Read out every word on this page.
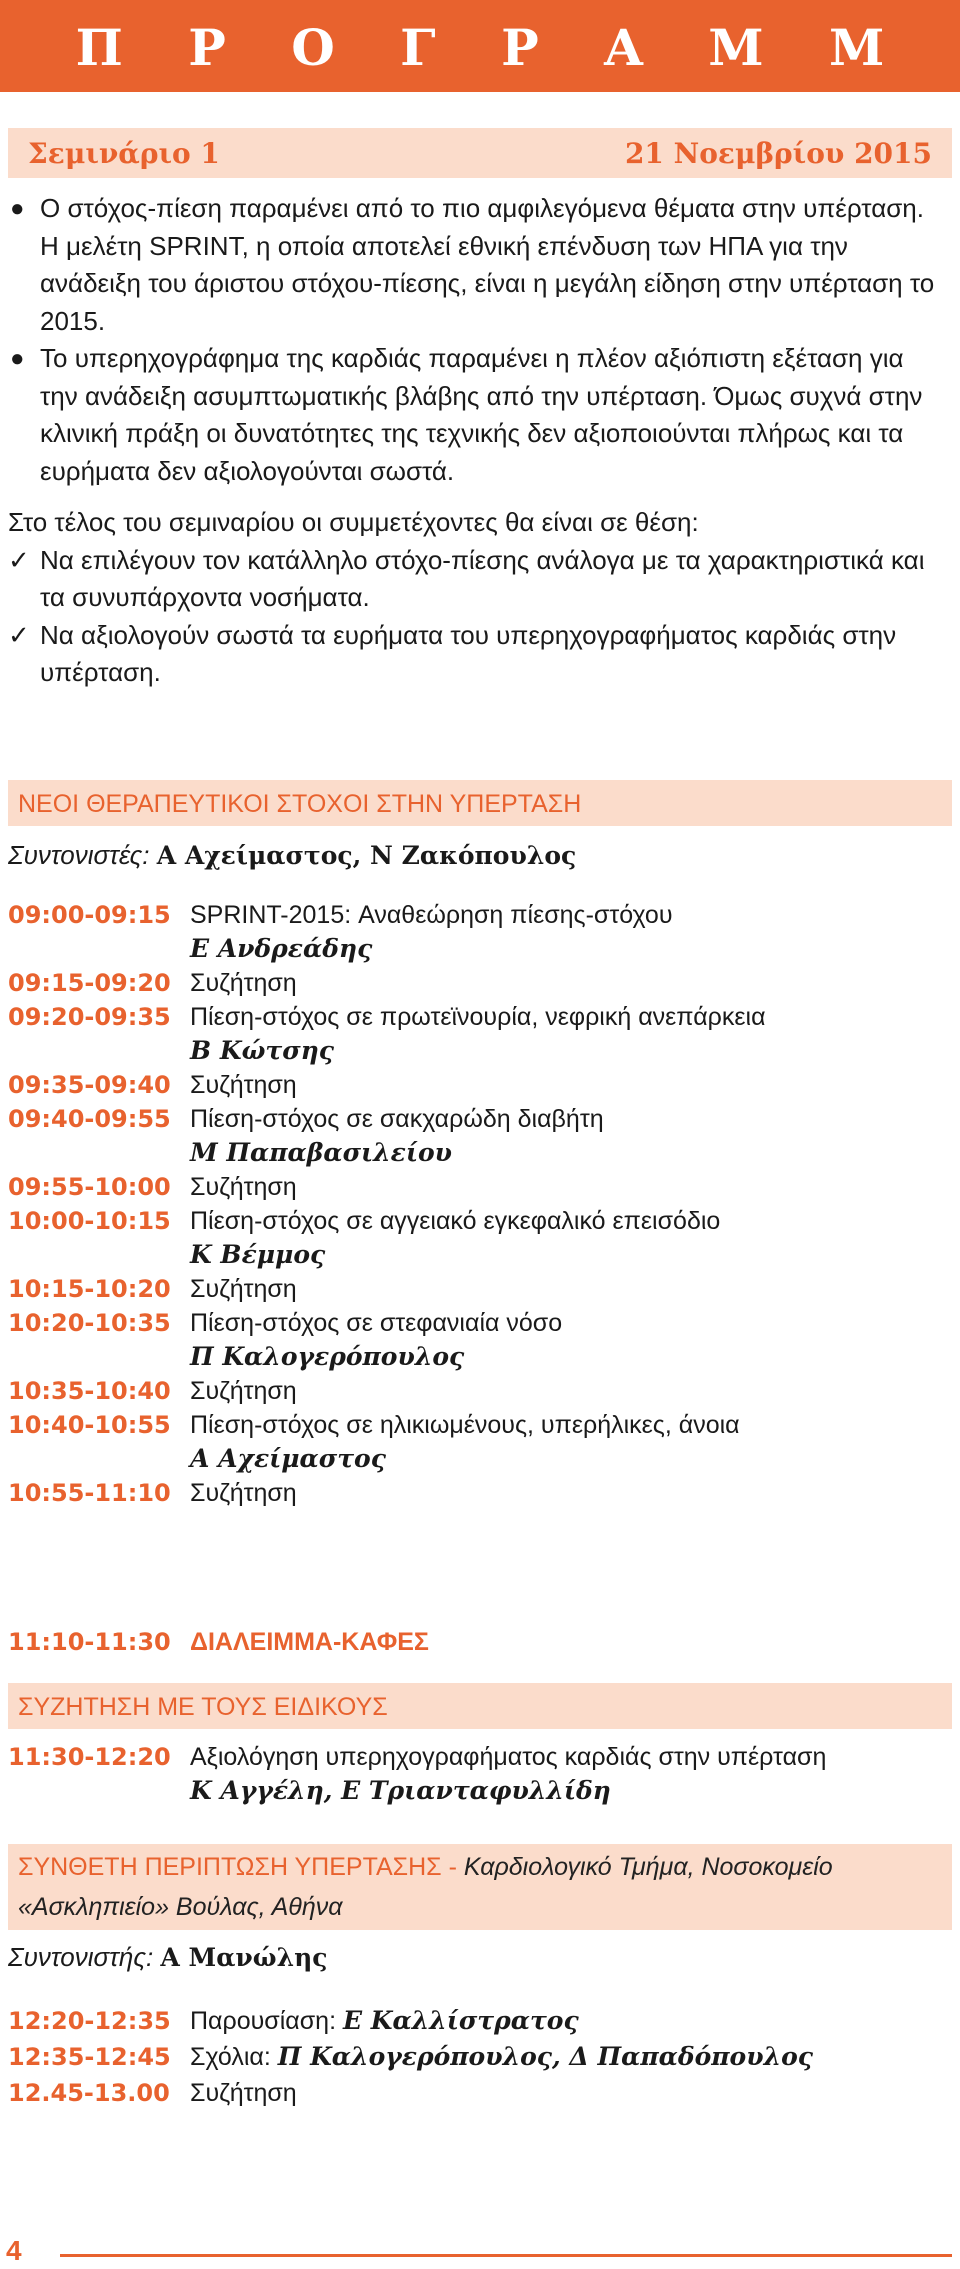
Π Ρ Ο Γ Ρ Α Μ Μ
Σεμινάριο 1	21 Νοεμβρίου 2015

● Ο στόχος-πίεση παραμένει από το πιο αμφιλεγόμενα θέματα στην υπέρταση. Η μελέτη SPRINT, η οποία αποτελεί εθνική επένδυση των ΗΠΑ για την ανάδειξη του άριστου στόχου-πίεσης, είναι η μεγάλη είδηση στην υπέρταση το 2015.

● Το υπερηχογράφημα της καρδιάς παραμένει η πλέον αξιόπιστη εξέταση για την ανάδειξη ασυμπτωματικής βλάβης από την υπέρταση. Όμως συχνά στην κλινική πράξη οι δυνατότητες της τεχνικής δεν αξιοποιούνται πλήρως και τα ευρήματα δεν αξιολογούνται σωστά.

Στο τέλος του σεμιναρίου οι συμμετέχοντες θα είναι σε θέση:

✓ Να επιλέγουν τον κατάλληλο στόχο-πίεσης ανάλογα με τα χαρακτηριστικά και τα συνυπάρχοντα νοσήματα.

✓ Να αξιολογούν σωστά τα ευρήματα του υπερηχογραφήματος καρδιάς στην υπέρταση.

ΝΕΟΙ ΘΕΡΑΠΕΥΤΙΚΟΙ ΣΤΟΧΟΙ ΣΤΗΝ ΥΠΕΡΤΑΣΗ
Συντονιστές: Α Αχείμαστος, Ν Ζακόπουλος
09:00-09:15 SPRINT-2015: Αναθεώρηση πίεσης-στόχου
Ε Ανδρεάδης
09:15-09:20 Συζήτηση
09:20-09:35 Πίεση-στόχος σε πρωτεϊνουρία, νεφρική ανεπάρκεια
Β Κώτσης
09:35-09:40 Συζήτηση
09:40-09:55 Πίεση-στόχος σε σακχαρώδη διαβήτη
Μ Παπαβασιλείου
09:55-10:00 Συζήτηση
10:00-10:15 Πίεση-στόχος σε αγγειακό εγκεφαλικό επεισόδιο
Κ Βέμμος
10:15-10:20 Συζήτηση
10:20-10:35 Πίεση-στόχος σε στεφανιαία νόσο
Π Καλογερόπουλος
10:35-10:40 Συζήτηση
10:40-10:55 Πίεση-στόχος σε ηλικιωμένους, υπερήλικες, άνοια
Α Αχείμαστος
10:55-11:10 Συζήτηση
11:10-11:30 ΔΙΑΛΕΙΜΜΑ-ΚΑΦΕΣ
ΣΥΖΗΤΗΣΗ ΜΕ ΤΟΥΣ ΕΙΔΙΚΟΥΣ
11:30-12:20 Αξιολόγηση υπερηχογραφήματος καρδιάς στην υπέρταση
Κ Αγγέλη, Ε Τριανταφυλλίδη
ΣΥΝΘΕΤΗ ΠΕΡΙΠΤΩΣΗ ΥΠΕΡΤΑΣΗΣ - Καρδιολογικό Τμήμα, Νοσοκομείο «Ασκληπιείο» Βούλας, Αθήνα
Συντονιστής: Α Μανώλης
12:20-12:35 Παρουσίαση: Ε Καλλίστρατος
12:35-12:45 Σχόλια: Π Καλογερόπουλος, Δ Παπαδόπουλος
12.45-13.00 Συζήτηση
4
